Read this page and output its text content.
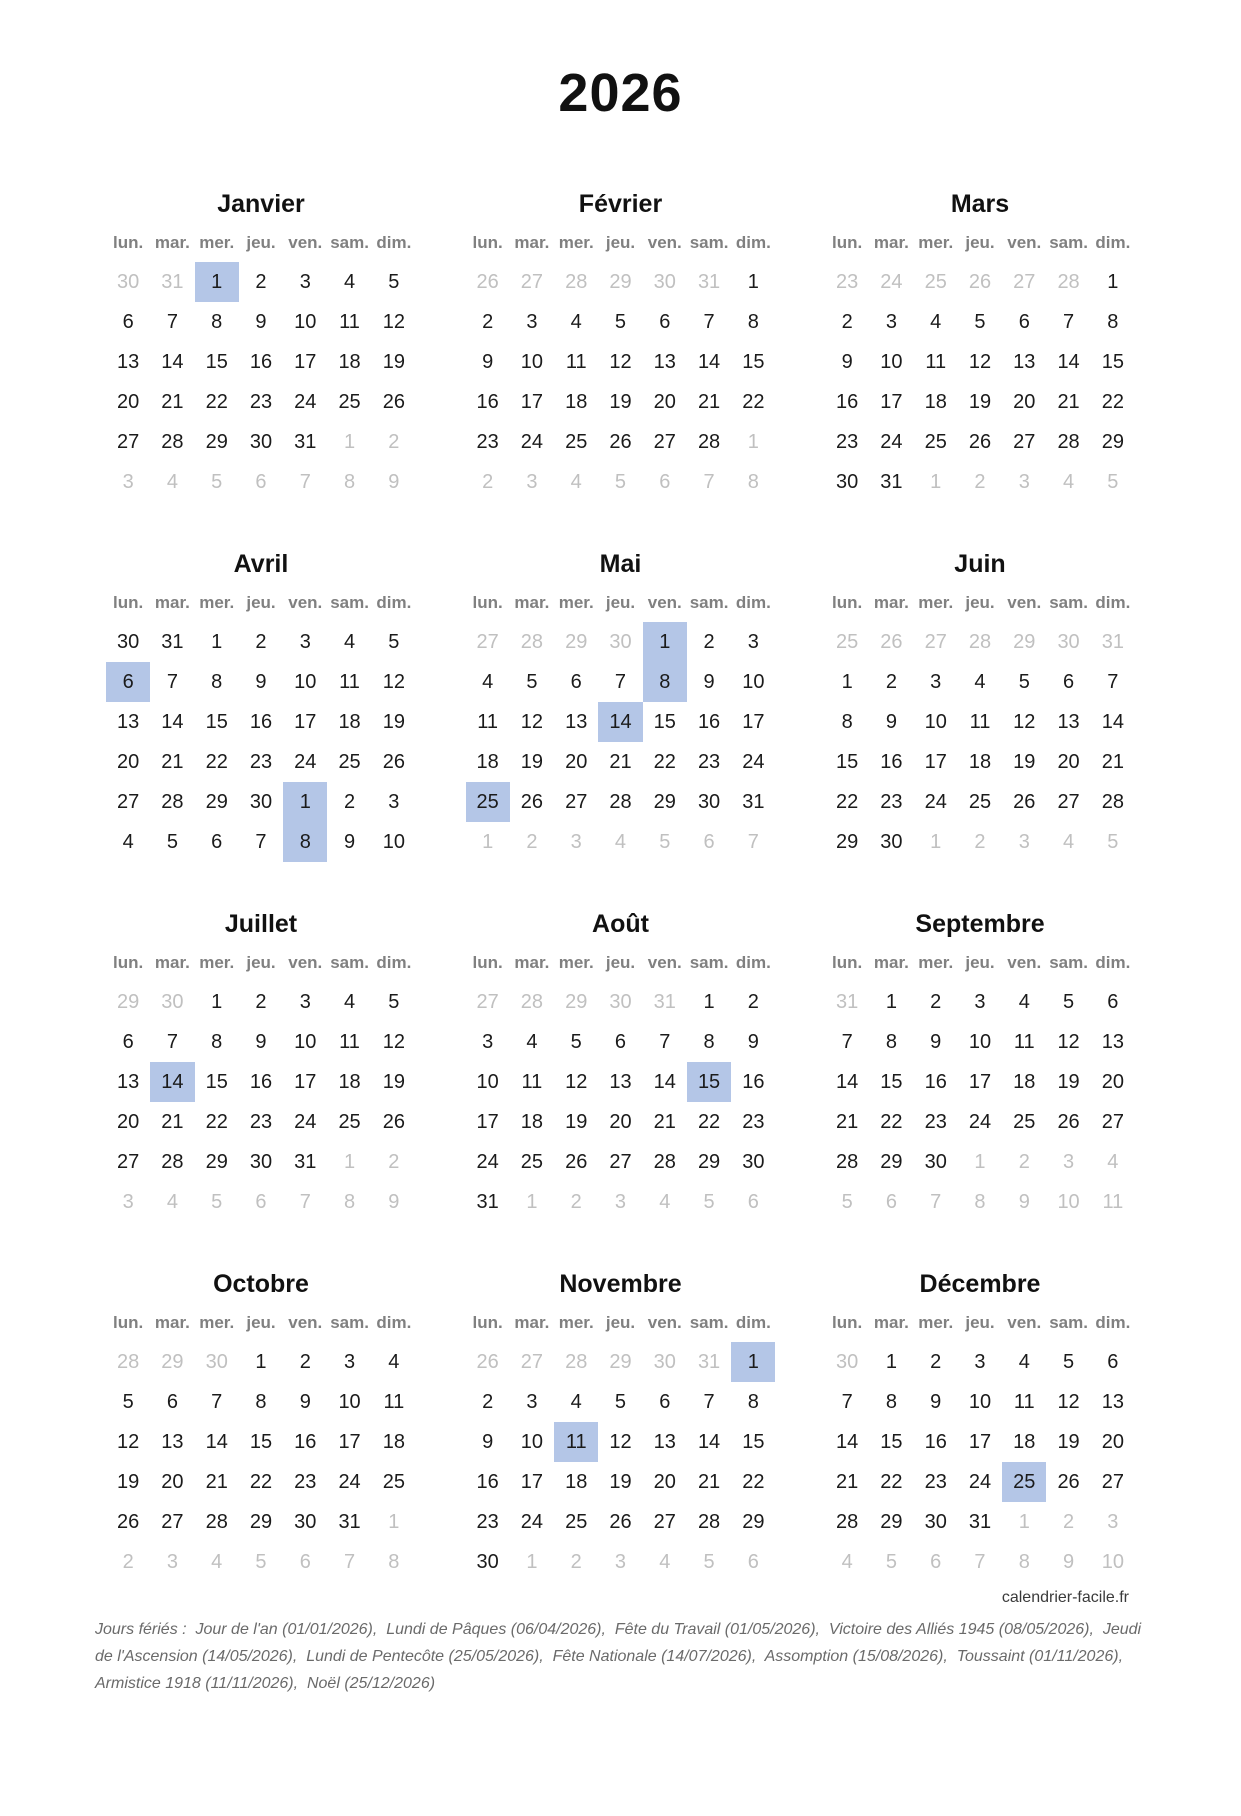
2026
Janvier
lun. mar. mer. jeu. ven. sam. dim.
30	31	1	2	3	4	5
6	7	8	9	10	11	12
13	14	15	16	17	18	19
20	21	22	23	24	25	26
27	28	29	30	31	1	2
3	4	5	6	7	8	9
Février
lun. mar. mer. jeu. ven. sam. dim.
26	27	28	29	30	31	1
2	3	4	5	6	7	8
9	10	11	12	13	14	15
16	17	18	19	20	21	22
23	24	25	26	27	28	1
2	3	4	5	6	7	8
Mars
lun. mar. mer. jeu. ven. sam. dim.
23	24	25	26	27	28	1
2	3	4	5	6	7	8
9	10	11	12	13	14	15
16	17	18	19	20	21	22
23	24	25	26	27	28	29
30	31	1	2	3	4	5
Avril
lun. mar. mer. jeu. ven. sam. dim.
30	31	1	2	3	4	5
6	7	8	9	10	11	12
13	14	15	16	17	18	19
20	21	22	23	24	25	26
27	28	29	30	1	2	3
4	5	6	7	8	9	10
Mai
lun. mar. mer. jeu. ven. sam. dim.
27	28	29	30	1	2	3
4	5	6	7	8	9	10
11	12	13	14	15	16	17
18	19	20	21	22	23	24
25	26	27	28	29	30	31
1	2	3	4	5	6	7
Juin
lun. mar. mer. jeu. ven. sam. dim.
25	26	27	28	29	30	31
1	2	3	4	5	6	7
8	9	10	11	12	13	14
15	16	17	18	19	20	21
22	23	24	25	26	27	28
29	30	1	2	3	4	5
Juillet
lun. mar. mer. jeu. ven. sam. dim.
29	30	1	2	3	4	5
6	7	8	9	10	11	12
13	14	15	16	17	18	19
20	21	22	23	24	25	26
27	28	29	30	31	1	2
3	4	5	6	7	8	9
Août
lun. mar. mer. jeu. ven. sam. dim.
27	28	29	30	31	1	2
3	4	5	6	7	8	9
10	11	12	13	14	15	16
17	18	19	20	21	22	23
24	25	26	27	28	29	30
31	1	2	3	4	5	6
Septembre
lun. mar. mer. jeu. ven. sam. dim.
31	1	2	3	4	5	6
7	8	9	10	11	12	13
14	15	16	17	18	19	20
21	22	23	24	25	26	27
28	29	30	1	2	3	4
5	6	7	8	9	10	11
Octobre
lun. mar. mer. jeu. ven. sam. dim.
28	29	30	1	2	3	4
5	6	7	8	9	10	11
12	13	14	15	16	17	18
19	20	21	22	23	24	25
26	27	28	29	30	31	1
2	3	4	5	6	7	8
Novembre
lun. mar. mer. jeu. ven. sam. dim.
26	27	28	29	30	31	1
2	3	4	5	6	7	8
9	10	11	12	13	14	15
16	17	18	19	20	21	22
23	24	25	26	27	28	29
30	1	2	3	4	5	6
Décembre
lun. mar. mer. jeu. ven. sam. dim.
30	1	2	3	4	5	6
7	8	9	10	11	12	13
14	15	16	17	18	19	20
21	22	23	24	25	26	27
28	29	30	31	1	2	3
4	5	6	7	8	9	10
calendrier-facile.fr
Jours fériés :  Jour de l'an (01/01/2026),  Lundi de Pâques (06/04/2026),  Fête du Travail (01/05/2026),  Victoire des Alliés 1945 (08/05/2026),  Jeudi de l'Ascension (14/05/2026),  Lundi de Pentecôte (25/05/2026),  Fête Nationale (14/07/2026),  Assomption (15/08/2026),  Toussaint (01/11/2026),  Armistice 1918 (11/11/2026),  Noël (25/12/2026)
